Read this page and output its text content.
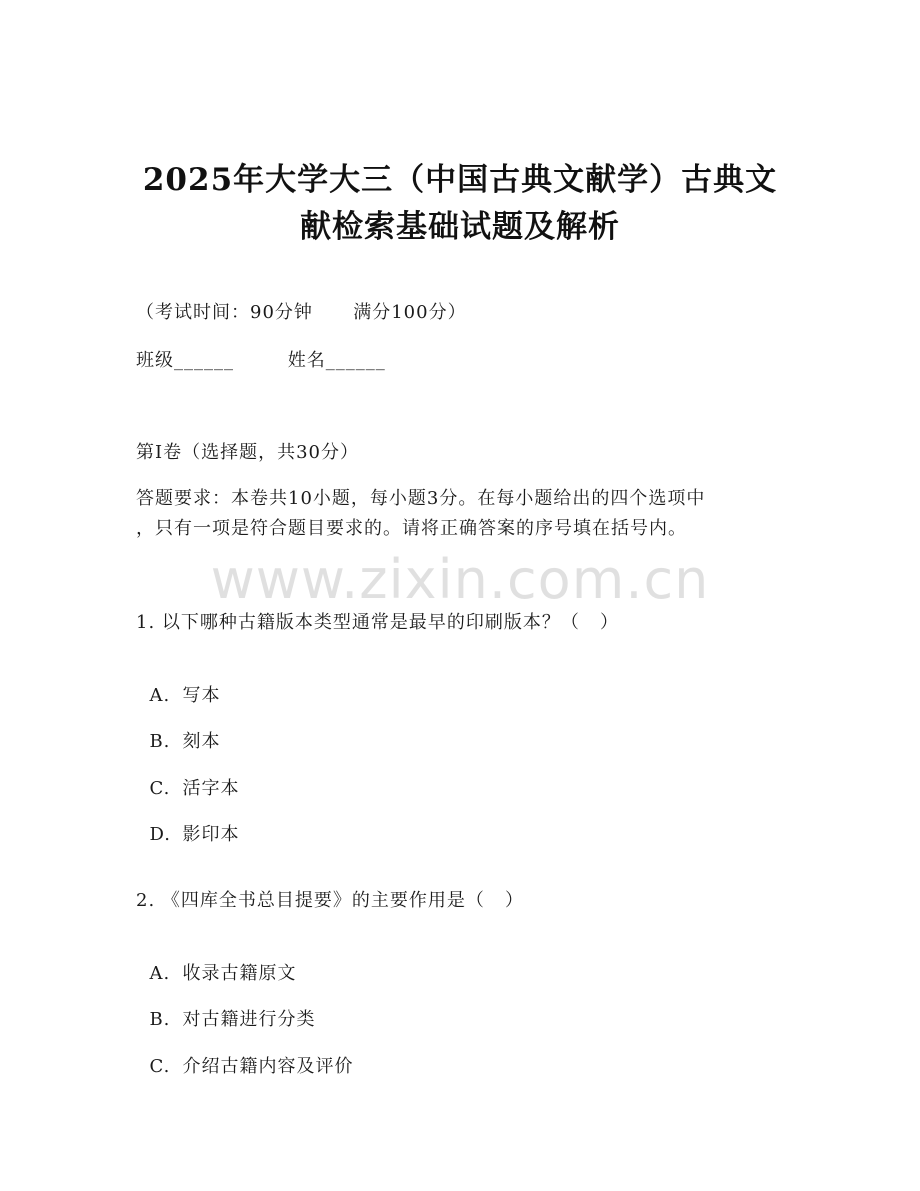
2025年大学大三（中国古典文献学）古典文
献检索基础试题及解析
（考试时间：90分钟      满分100分）
班级______        姓名______
第I卷（选择题，共30分）
答题要求：本卷共10小题，每小题3分。在每小题给出的四个选项中
，只有一项是符合题目要求的。请将正确答案的序号填在括号内。
www.zixin.com.cn
1. 以下哪种古籍版本类型通常是最早的印刷版本？（   ）

A. 写本

B. 刻本

C. 活字本

D. 影印本

2. 《四库全书总目提要》的主要作用是（   ）

A. 收录古籍原文

B. 对古籍进行分类

C. 介绍古籍内容及评价
